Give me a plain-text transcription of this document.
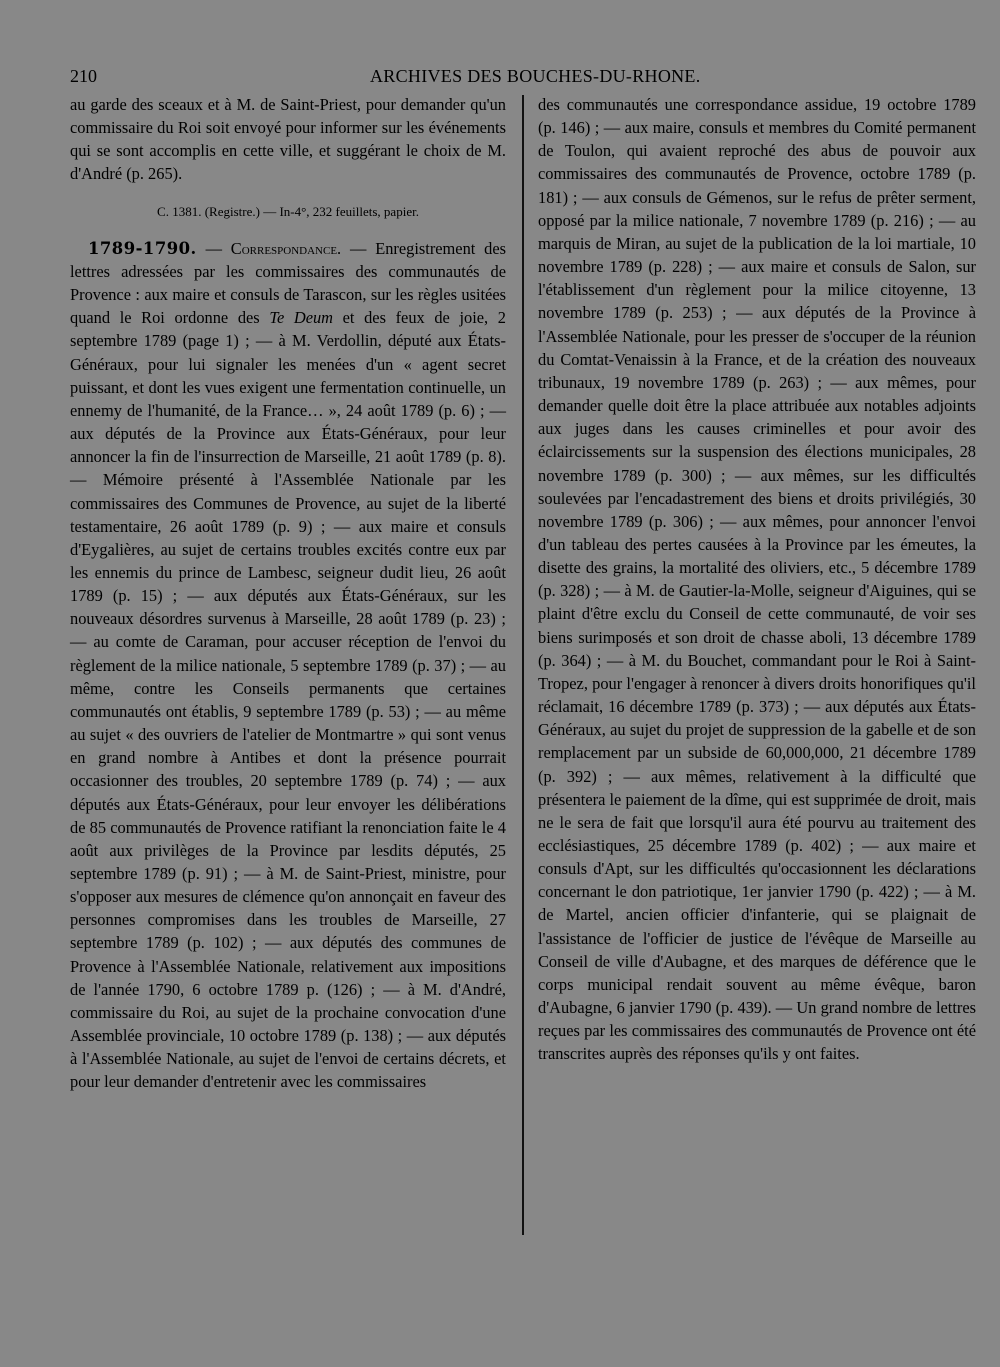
210	ARCHIVES DES BOUCHES-DU-RHONE.

au garde des sceaux et à M. de Saint-Priest, pour demander qu'un commissaire du Roi soit envoyé pour informer sur les événements qui se sont accomplis en cette ville, et suggérant le choix de M. d'André (p. 265).

C. 1381. (Registre.) — In-4°, 232 feuillets, papier.

1789-1790. — Correspondance. — Enregistrement des lettres adressées par les commissaires des communautés de Provence : aux maire et consuls de Tarascon, sur les règles usitées quand le Roi ordonne des Te Deum et des feux de joie, 2 septembre 1789 (page 1) ; — à M. Verdollin, député aux États-Généraux, pour lui signaler les menées d'un « agent secret puissant, et dont les vues exigent une fermentation continuelle, un ennemy de l'humanité, de la France… », 24 août 1789 (p. 6) ; — aux députés de la Province aux États-Généraux, pour leur annoncer la fin de l'insurrection de Marseille, 21 août 1789 (p. 8). — Mémoire présenté à l'Assemblée Nationale par les commissaires des Communes de Provence, au sujet de la liberté testamentaire, 26 août 1789 (p. 9) ; — aux maire et consuls d'Eygalières, au sujet de certains troubles excités contre eux par les ennemis du prince de Lambesc, seigneur dudit lieu, 26 août 1789 (p. 15) ; — aux députés aux États-Généraux, sur les nouveaux désordres survenus à Marseille, 28 août 1789 (p. 23) ; — au comte de Caraman, pour accuser réception de l'envoi du règlement de la milice nationale, 5 septembre 1789 (p. 37) ; — au même, contre les Conseils permanents que certaines communautés ont établis, 9 septembre 1789 (p. 53) ; — au même au sujet « des ouvriers de l'atelier de Montmartre » qui sont venus en grand nombre à Antibes et dont la présence pourrait occasionner des troubles, 20 septembre 1789 (p. 74) ; — aux députés aux États-Généraux, pour leur envoyer les délibérations de 85 communautés de Provence ratifiant la renonciation faite le 4 août aux privilèges de la Province par lesdits députés, 25 septembre 1789 (p. 91) ; — à M. de Saint-Priest, ministre, pour s'opposer aux mesures de clémence qu'on annonçait en faveur des personnes compromises dans les troubles de Marseille, 27 septembre 1789 (p. 102) ; — aux députés des communes de Provence à l'Assemblée Nationale, relativement aux impositions de l'année 1790, 6 octobre 1789 p. (126) ; — à M. d'André, commissaire du Roi, au sujet de la prochaine convocation d'une Assemblée provinciale, 10 octobre 1789 (p. 138) ; — aux députés à l'Assemblée Nationale, au sujet de l'envoi de certains décrets, et pour leur demander d'entretenir avec les commissaires

des communautés une correspondance assidue, 19 octobre 1789 (p. 146) ; — aux maire, consuls et membres du Comité permanent de Toulon, qui avaient reproché des abus de pouvoir aux commissaires des communautés de Provence, octobre 1789 (p. 181) ; — aux consuls de Gémenos, sur le refus de prêter serment, opposé par la milice nationale, 7 novembre 1789 (p. 216) ; — au marquis de Miran, au sujet de la publication de la loi martiale, 10 novembre 1789 (p. 228) ; — aux maire et consuls de Salon, sur l'établissement d'un règlement pour la milice citoyenne, 13 novembre 1789 (p. 253) ; — aux députés de la Province à l'Assemblée Nationale, pour les presser de s'occuper de la réunion du Comtat-Venaissin à la France, et de la création des nouveaux tribunaux, 19 novembre 1789 (p. 263) ; — aux mêmes, pour demander quelle doit être la place attribuée aux notables adjoints aux juges dans les causes criminelles et pour avoir des éclaircissements sur la suspension des élections municipales, 28 novembre 1789 (p. 300) ; — aux mêmes, sur les difficultés soulevées par l'encadastrement des biens et droits privilégiés, 30 novembre 1789 (p. 306) ; — aux mêmes, pour annoncer l'envoi d'un tableau des pertes causées à la Province par les émeutes, la disette des grains, la mortalité des oliviers, etc., 5 décembre 1789 (p. 328) ; — à M. de Gautier-la-Molle, seigneur d'Aiguines, qui se plaint d'être exclu du Conseil de cette communauté, de voir ses biens surimposés et son droit de chasse aboli, 13 décembre 1789 (p. 364) ; — à M. du Bouchet, commandant pour le Roi à Saint-Tropez, pour l'engager à renoncer à divers droits honorifiques qu'il réclamait, 16 décembre 1789 (p. 373) ; — aux députés aux États-Généraux, au sujet du projet de suppression de la gabelle et de son remplacement par un subside de 60,000,000, 21 décembre 1789 (p. 392) ; — aux mêmes, relativement à la difficulté que présentera le paiement de la dîme, qui est supprimée de droit, mais ne le sera de fait que lorsqu'il aura été pourvu au traitement des ecclésiastiques, 25 décembre 1789 (p. 402) ; — aux maire et consuls d'Apt, sur les difficultés qu'occasionnent les déclarations concernant le don patriotique, 1er janvier 1790 (p. 422) ; — à M. de Martel, ancien officier d'infanterie, qui se plaignait de l'assistance de l'officier de justice de l'évêque de Marseille au Conseil de ville d'Aubagne, et des marques de déférence que le corps municipal rendait souvent au même évêque, baron d'Aubagne, 6 janvier 1790 (p. 439). — Un grand nombre de lettres reçues par les commissaires des communautés de Provence ont été transcrites auprès des réponses qu'ils y ont faites.
